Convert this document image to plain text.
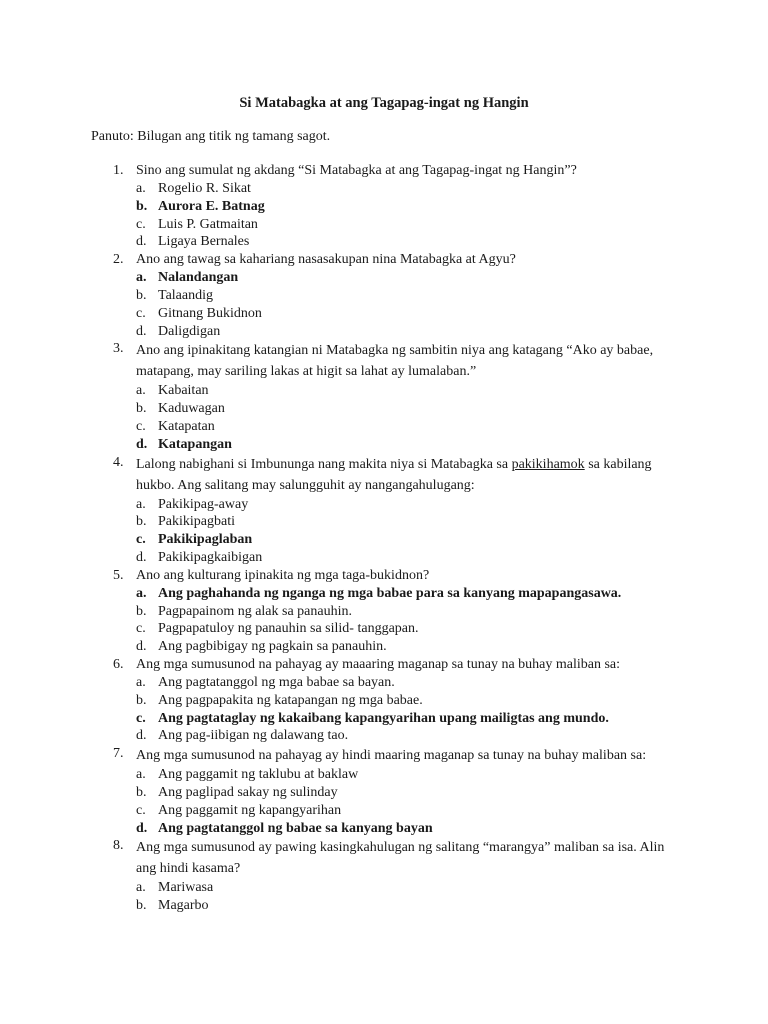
Si Matabagka at ang Tagapag-ingat ng Hangin
Panuto: Bilugan ang titik ng tamang sagot.
1. Sino ang sumulat ng akdang “Si Matabagka at ang Tagapag-ingat ng Hangin”?
a. Rogelio R. Sikat
b. Aurora E. Batnag
c. Luis P. Gatmaitan
d. Ligaya Bernales
2. Ano ang tawag sa kahariang nasasakupan nina Matabagka at Agyu?
a. Nalandangan
b. Talaandig
c. Gitnang Bukidnon
d. Daligdigan
3. Ano ang ipinakitang katangian ni Matabagka ng sambitin niya ang katagang “Ako ay babae, matapang, may sariling lakas at higit sa lahat ay lumalaban.”
a. Kabaitan
b. Kaduwagan
c. Katapatan
d. Katapangan
4. Lalong nabighani si Imbununga nang makita niya si Matabagka sa pakikihamok sa kabilang hukbo. Ang salitang may salungguhit ay nangangahulugang:
a. Pakikipag-away
b. Pakikipagbati
c. Pakikipaglaban
d. Pakikipagkaibigan
5. Ano ang kulturang ipinakita ng mga taga-bukidnon?
a. Ang paghahanda ng nganga ng mga babae para sa kanyang mapapangasawa.
b. Pagpapainom ng alak sa panauhin.
c. Pagpapatuloy ng panauhin sa silid- tanggapan.
d. Ang pagbibigay ng pagkain sa panauhin.
6. Ang mga sumusunod na pahayag ay maaaring maganap sa tunay na buhay maliban sa:
a. Ang pagtatanggol ng mga babae sa bayan.
b. Ang pagpapakita ng katapangan ng mga babae.
c. Ang pagtataglay ng kakaibang kapangyarihan upang mailigtas ang mundo.
d. Ang pag-iibigan ng dalawang tao.
7. Ang mga sumusunod na pahayag ay hindi maaring maganap sa tunay na buhay maliban sa:
a. Ang paggamit ng taklubu at baklaw
b. Ang paglipad sakay ng sulinday
c. Ang paggamit ng kapangyarihan
d. Ang pagtatanggol ng babae sa kanyang bayan
8. Ang mga sumusunod ay pawing kasingkahulugan ng salitang “marangya” maliban sa isa. Alin ang hindi kasama?
a. Mariwasa
b. Magarbo
